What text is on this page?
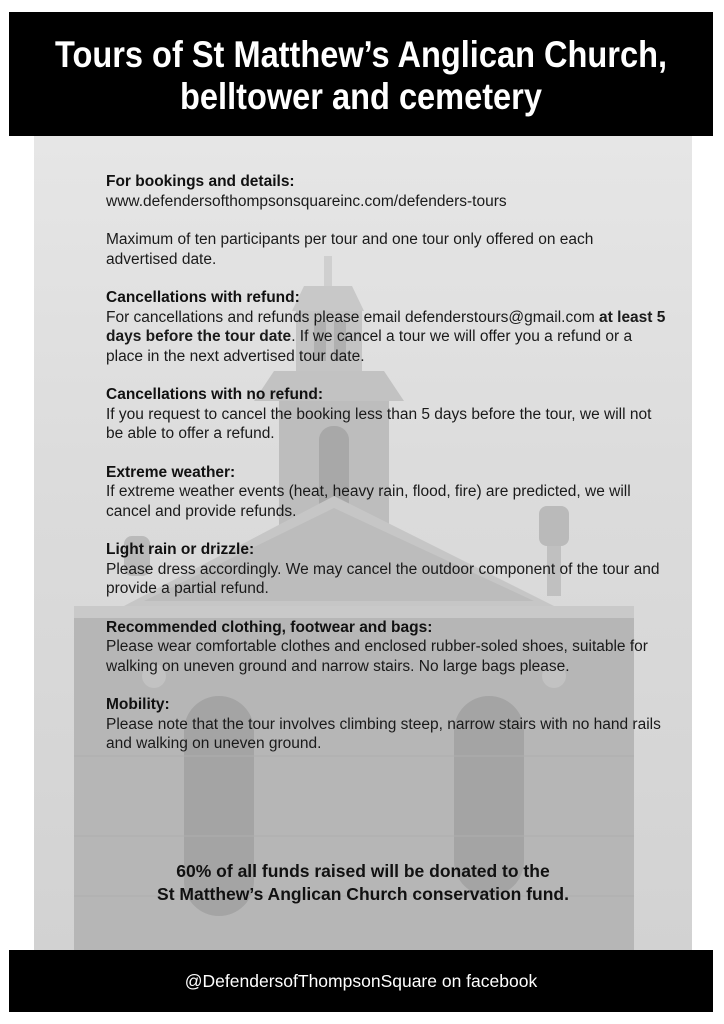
Tours of St Matthew’s Anglican Church, belltower and cemetery
For bookings and details:

www.defendersofthompsonsquareinc.com/defenders-tours

Maximum of ten participants per tour and one tour only offered on each advertised date.

Cancellations with refund:

For cancellations and refunds please email defenderstours@gmail.com at least 5 days before the tour date. If we cancel a tour we will offer you a refund or a place in the next advertised tour date.

Cancellations with no refund:

If you request to cancel the booking less than 5 days before the tour, we will not be able to offer a refund.

Extreme weather:

If extreme weather events (heat, heavy rain, flood, fire) are predicted, we will cancel and provide refunds.

Light rain or drizzle:

Please dress accordingly. We may cancel the outdoor component of the tour and provide a partial refund.

Recommended clothing, footwear and bags:

Please wear comfortable clothes and enclosed rubber-soled shoes, suitable for walking on uneven ground and narrow stairs. No large bags please.

Mobility:

Please note that the tour involves climbing steep, narrow stairs with no hand rails and walking on uneven ground.

60% of all funds raised will be donated to the
St Matthew’s Anglican Church conservation fund.
@DefendersofThompsonSquare on facebook
